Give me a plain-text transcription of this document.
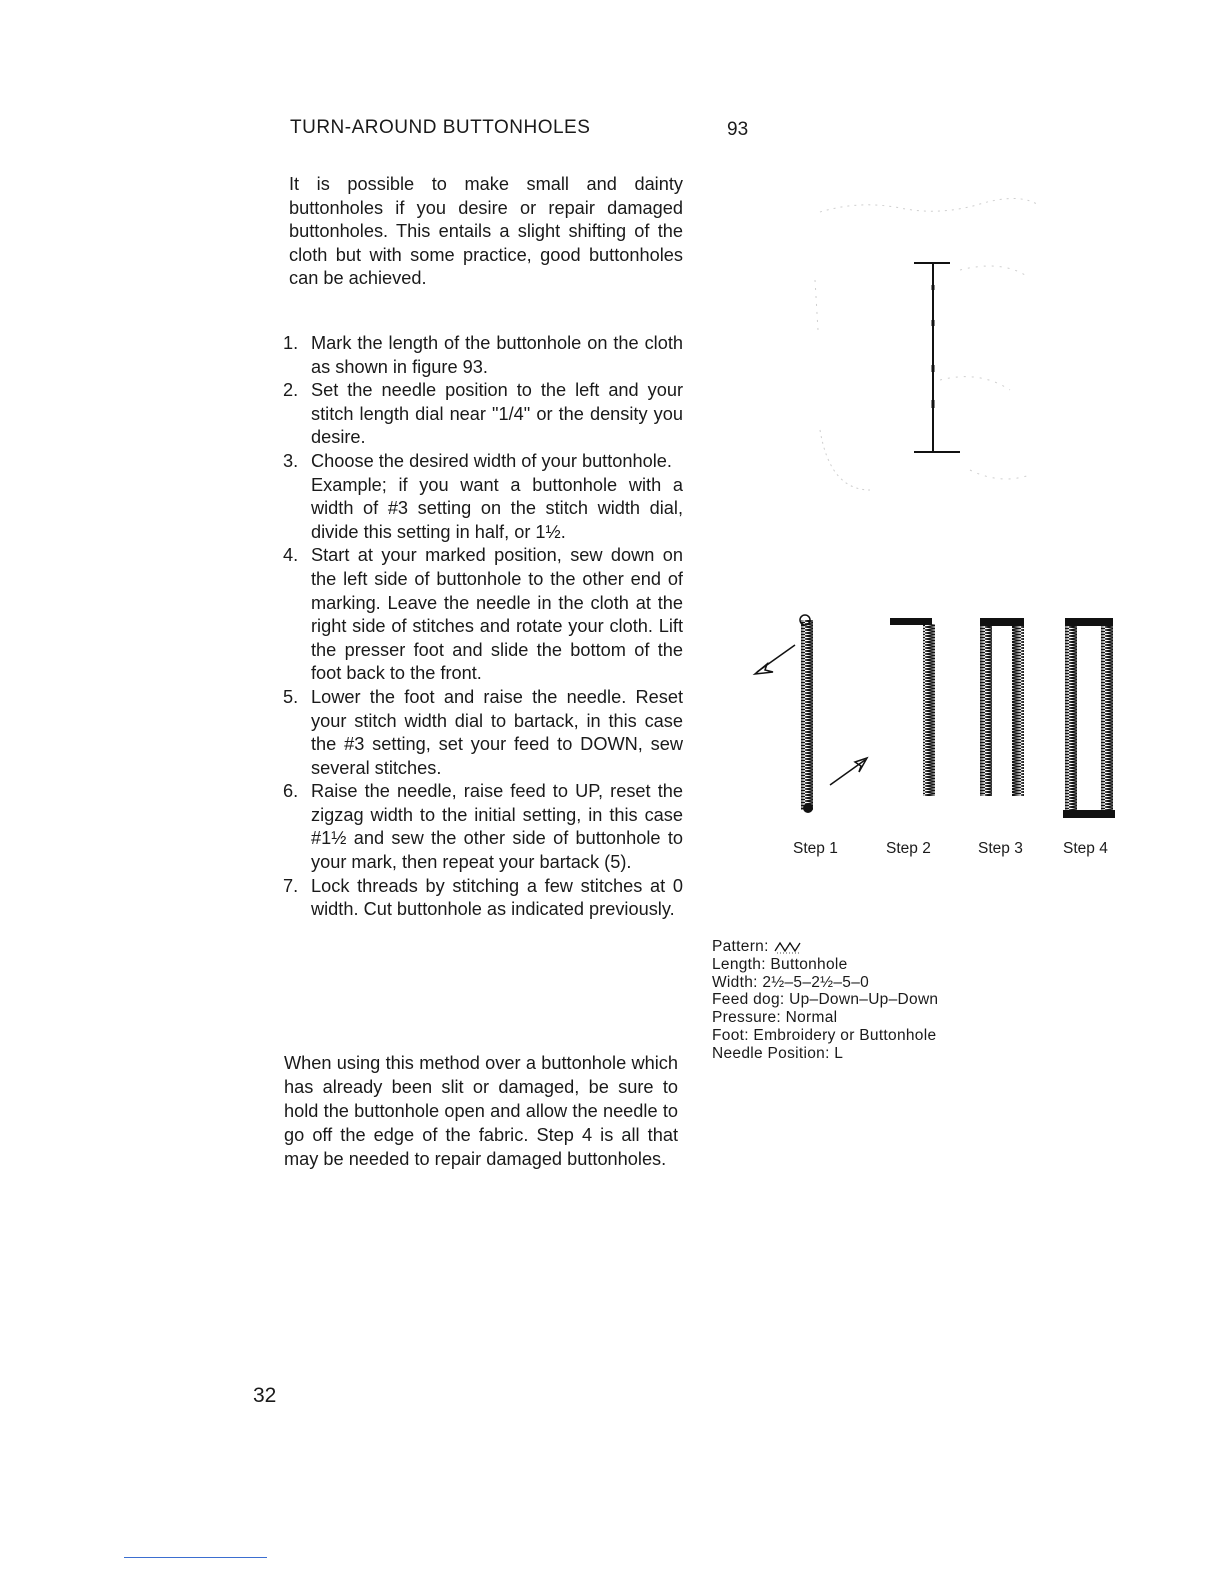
TURN-AROUND BUTTONHOLES	93

It is possible to make small and dainty buttonholes if you desire or repair damaged buttonholes. This entails a slight shifting of the cloth but with some practice, good buttonholes can be achieved.

1. Mark the length of the buttonhole on the cloth as shown in figure 93.
2. Set the needle position to the left and your stitch length dial near "1/4" or the density you desire.
3. Choose the desired width of your buttonhole.
Example; if you want a buttonhole with a width of #3 setting on the stitch width dial, divide this setting in half, or 1½.
4. Start at your marked position, sew down on the left side of buttonhole to the other end of marking. Leave the needle in the cloth at the right side of stitches and rotate your cloth. Lift the presser foot and slide the bottom of the foot back to the front.
5. Lower the foot and raise the needle. Reset your stitch width dial to bartack, in this case the #3 setting, set your feed to DOWN, sew several stitches.
6. Raise the needle, raise feed to UP, reset the zigzag width to the initial setting, in this case #1½ and sew the other side of buttonhole to your mark, then repeat your bartack (5).
7. Lock threads by stitching a few stitches at 0 width. Cut buttonhole as indicated previously.

When using this method over a buttonhole which has already been slit or damaged, be sure to hold the buttonhole open and allow the needle to go off the edge of the fabric. Step 4 is all that may be needed to repair damaged buttonholes.

Step 1	Step 2	Step 3	Step 4
Pattern:
Length: Buttonhole
Width: 2½–5–2½–5–0
Feed dog: Up–Down–Up–Down
Pressure: Normal
Foot: Embroidery or Buttonhole
Needle Position: L
32
